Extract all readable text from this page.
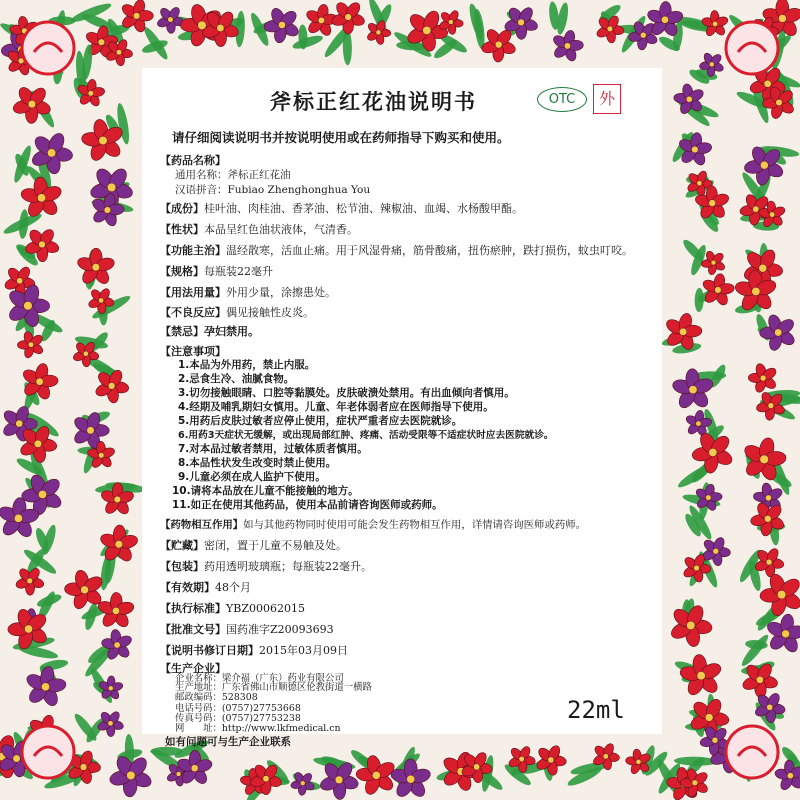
斧标正红花油说明书	OTC	外
请仔细阅读说明书并按说明使用或在药师指导下购买和使用。
【药品名称】
通用名称：斧标正红花油
汉语拼音：Fubiao Zhenghonghua You
【成份】桂叶油、肉桂油、香茅油、松节油、辣椒油、血竭、水杨酸甲酯。
【性状】本品呈红色油状液体，气清香。
【功能主治】温经散寒，活血止痛。用于风湿骨痛，筋骨酸痛，扭伤瘀肿，跌打损伤，蚊虫叮咬。
【规格】每瓶装22毫升
【用法用量】外用少量，涂擦患处。
【不良反应】偶见接触性皮炎。
【禁忌】孕妇禁用。
【注意事项】
1.本品为外用药，禁止内服。
2.忌食生冷、油腻食物。
3.切勿接触眼睛、口腔等黏膜处。皮肤破溃处禁用。有出血倾向者慎用。
4.经期及哺乳期妇女慎用。儿童、年老体弱者应在医师指导下使用。
5.用药后皮肤过敏者应停止使用，症状严重者应去医院就诊。
6.用药3天症状无缓解，或出现局部红肿、疼痛、活动受限等不适症状时应去医院就诊。
7.对本品过敏者禁用，过敏体质者慎用。
8.本品性状发生改变时禁止使用。
9.儿童必须在成人监护下使用。
10.请将本品放在儿童不能接触的地方。
11.如正在使用其他药品，使用本品前请咨询医师或药师。
【药物相互作用】如与其他药物同时使用可能会发生药物相互作用，详情请咨询医师或药师。
【贮藏】密闭，置于儿童不易触及处。
【包装】药用透明玻璃瓶；每瓶装22毫升。
【有效期】48个月
【执行标准】YBZ00062015
【批准文号】国药准字Z20093693
【说明书修订日期】2015年03月09日
【生产企业】
企业名称：梁介福（广东）药业有限公司
生产地址：广东省佛山市顺德区伦教街道一横路
邮政编码：528308
电话号码：(0757)27753668
传真号码：(0757)27753238
网　　址：http://www.lkfmedical.cn
如有问题可与生产企业联系
22ml
